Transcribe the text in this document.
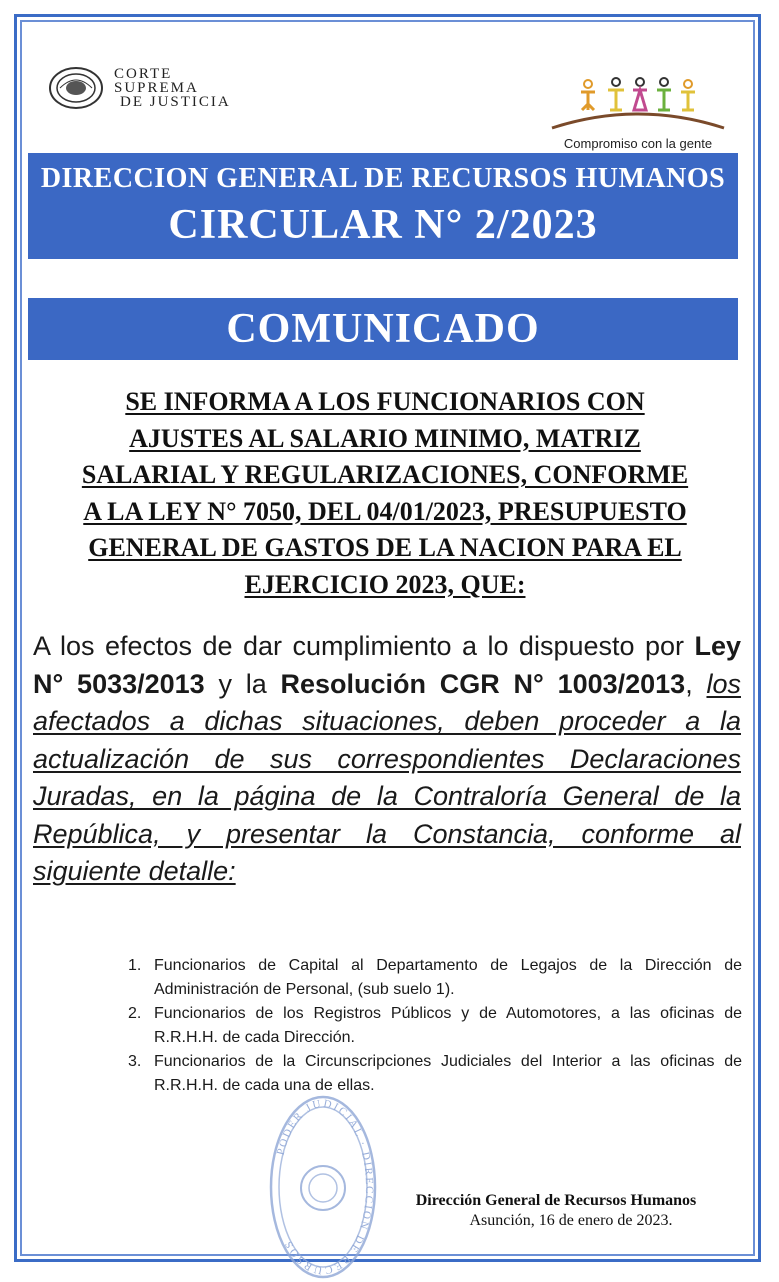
CORTE
SUPREMA
DE JUSTICIA
Compromiso con la gente
DIRECCION GENERAL DE RECURSOS HUMANOS
CIRCULAR N° 2/2023
COMUNICADO
SE INFORMA A LOS FUNCIONARIOS CON
AJUSTES AL SALARIO MINIMO, MATRIZ
SALARIAL Y REGULARIZACIONES, CONFORME
A LA LEY N° 7050, DEL 04/01/2023, PRESUPUESTO
GENERAL DE GASTOS DE LA NACION PARA EL
EJERCICIO 2023, QUE:
A los efectos de dar cumplimiento a lo dispuesto por Ley N° 5033/2013 y la Resolución CGR N° 1003/2013, los afectados a dichas situaciones, deben proceder a la actualización de sus correspondientes Declaraciones Juradas, en la página de la Contraloría General de la República, y presentar la Constancia, conforme al siguiente detalle:
1. Funcionarios de Capital al Departamento de Legajos de la Dirección de Administración de Personal, (sub suelo 1).
2. Funcionarios de los Registros Públicos y de Automotores, a las oficinas de R.R.H.H. de cada Dirección.
3. Funcionarios de la Circunscripciones Judiciales del Interior a las oficinas de R.R.H.H. de cada una de ellas.
PODER JUDICIAL · DIRECCION DE RECURSOS
Dirección General de Recursos Humanos
Asunción, 16 de enero de 2023.
